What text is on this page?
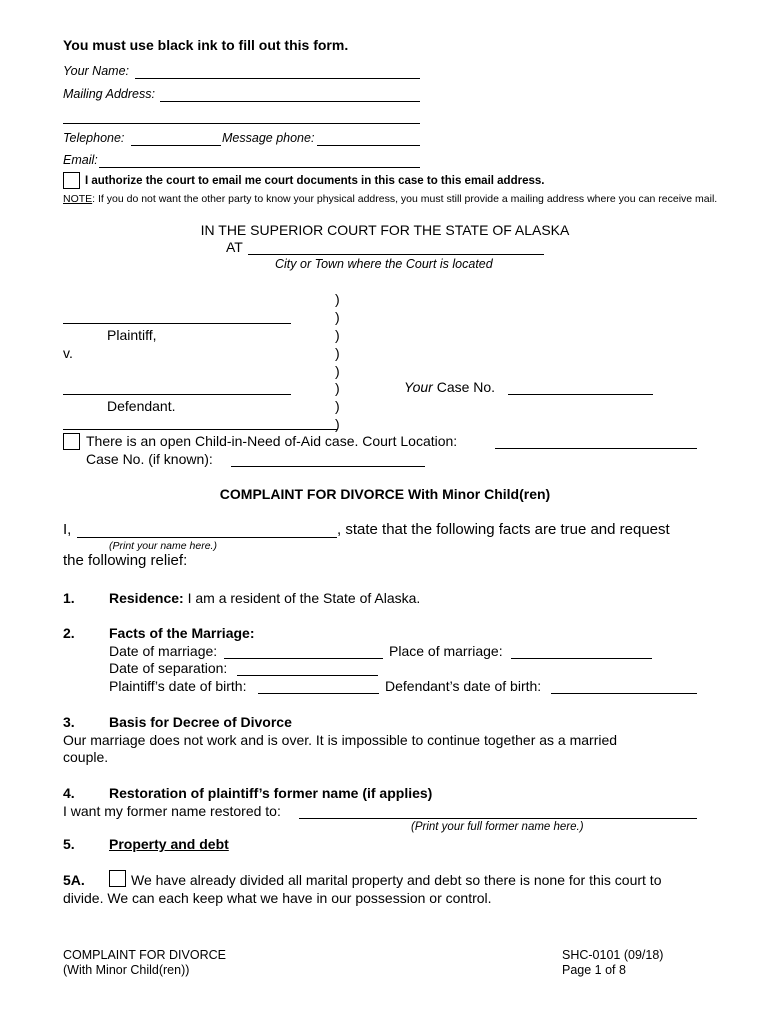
You must use black ink to fill out this form.
Your Name:
Mailing Address:
Telephone:	Message phone:
Email:
I authorize the court to email me court documents in this case to this email address.
NOTE: If you do not want the other party to know your physical address, you must still provide a mailing address where you can receive mail.
IN THE SUPERIOR COURT FOR THE STATE OF ALASKA
AT
City or Town where the Court is located
)
)
)
)
)
)
)
)
Plaintiff,
v.
Defendant.
Your Case No.
There is an open Child-in-Need of-Aid case. Court Location:
Case No. (if known):
COMPLAINT FOR DIVORCE With Minor Child(ren)
I,	, state that the following facts are true and request
(Print your name here.)
the following relief:
1. Residence: I am a resident of the State of Alaska.
2. Facts of the Marriage:
Date of marriage:	Place of marriage:
Date of separation:
Plaintiff’s date of birth:	Defendant’s date of birth:
3. Basis for Decree of Divorce
Our marriage does not work and is over. It is impossible to continue together as a married
couple.
4. Restoration of plaintiff’s former name (if applies)
I want my former name restored to:
(Print your full former name here.)
5. Property and debt
5A.	We have already divided all marital property and debt so there is none for this court to
divide. We can each keep what we have in our possession or control.
COMPLAINT FOR DIVORCE
(With Minor Child(ren))
SHC-0101 (09/18)
Page 1 of 8
